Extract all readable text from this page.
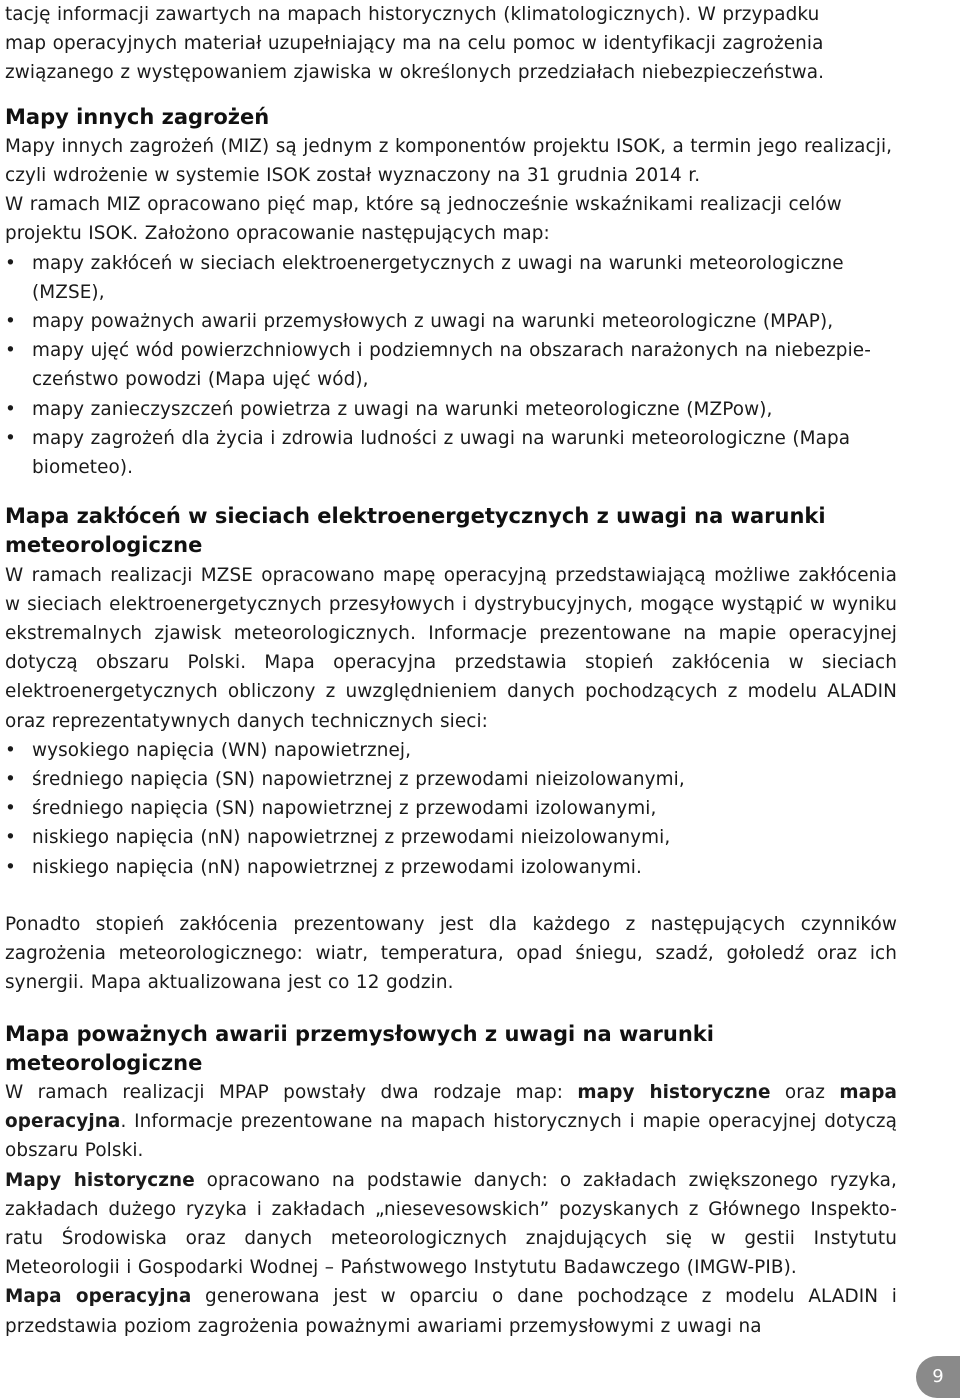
tację informacji zawartych na mapach historycznych (klimatologicznych). W przypadku
map operacyjnych materiał uzupełniający ma na celu pomoc w identyfikacji zagrożenia
związanego z występowaniem zjawiska w określonych przedziałach niebezpieczeństwa.
Mapy innych zagrożeń

Mapy innych zagrożeń (MIZ) są jednym z komponentów projektu ISOK, a termin jego realizacji, czyli wdrożenie w systemie ISOK został wyznaczony na 31 grudnia 2014 r.

W ramach MIZ opracowano pięć map, które są jednocześnie wskaźnikami realizacji celów projektu ISOK. Założono opracowanie następujących map:

• mapy zakłóceń w sieciach elektroenergetycznych z uwagi na warunki meteorologiczne (MZSE),
• mapy poważnych awarii przemysłowych z uwagi na warunki meteorologiczne (MPAP),
• mapy ujęć wód powierzchniowych i podziemnych na obszarach narażonych na niebezpie-czeństwo powodzi (Mapa ujęć wód),
• mapy zanieczyszczeń powietrza z uwagi na warunki meteorologiczne (MZPow),
• mapy zagrożeń dla życia i zdrowia ludności z uwagi na warunki meteorologiczne (Mapa biometeo).
Mapa zakłóceń w sieciach elektroenergetycznych z uwagi na warunki meteorologiczne

W ramach realizacji MZSE opracowano mapę operacyjną przedstawiającą możliwe zakłócenia w sieciach elektroenergetycznych przesyłowych i dystrybucyjnych, mogące wystąpić w wyniku ekstremalnych zjawisk meteorologicznych. Informacje prezentowane na mapie operacyjnej dotyczą obszaru Polski. Mapa operacyjna przedstawia stopień zakłócenia w sieciach elektroenergetycznych obliczony z uwzględnieniem danych pochodzących z modelu ALADIN oraz reprezentatywnych danych technicznych sieci:

• wysokiego napięcia (WN) napowietrznej,
• średniego napięcia (SN) napowietrznej z przewodami nieizolowanymi,
• średniego napięcia (SN) napowietrznej z przewodami izolowanymi,
• niskiego napięcia (nN) napowietrznej z przewodami nieizolowanymi,
• niskiego napięcia (nN) napowietrznej z przewodami izolowanymi.

Ponadto stopień zakłócenia prezentowany jest dla każdego z następujących czynników zagrożenia meteorologicznego: wiatr, temperatura, opad śniegu, szadź, gołoledź oraz ich synergii. Mapa aktualizowana jest co 12 godzin.

Mapa poważnych awarii przemysłowych z uwagi na warunki meteorologiczne

W ramach realizacji MPAP powstały dwa rodzaje map: mapy historyczne oraz mapa operacyjna. Informacje prezentowane na mapach historycznych i mapie operacyjnej dotyczą obszaru Polski.

Mapy historyczne opracowano na podstawie danych: o zakładach zwiększonego ryzyka, zakładach dużego ryzyka i zakładach „niesevesowskich” pozyskanych z Głównego Inspekto-ratu Środowiska oraz danych meteorologicznych znajdujących się w gestii Instytutu Meteorologii i Gospodarki Wodnej – Państwowego Instytutu Badawczego (IMGW-PIB).

Mapa operacyjna generowana jest w oparciu o dane pochodzące z modelu ALADIN i przedstawia poziom zagrożenia poważnymi awariami przemysłowymi z uwagi na

9
